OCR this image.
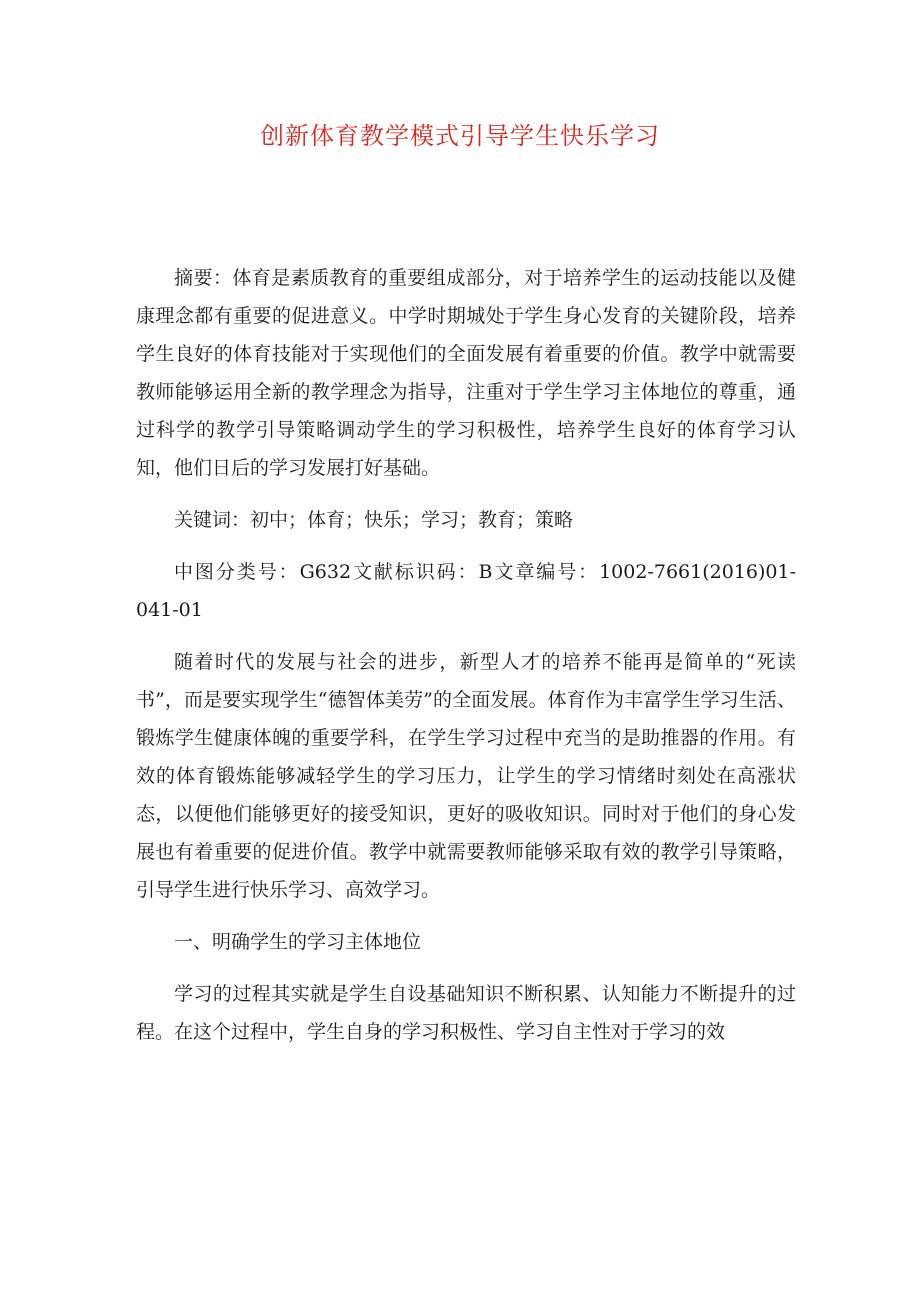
创新体育教学模式引导学生快乐学习

摘要：体育是素质教育的重要组成部分，对于培养学生的运动技能以及健康理念都有重要的促进意义。中学时期城处于学生身心发育的关键阶段，培养学生良好的体育技能对于实现他们的全面发展有着重要的价值。教学中就需要教师能够运用全新的教学理念为指导，注重对于学生学习主体地位的尊重，通过科学的教学引导策略调动学生的学习积极性，培养学生良好的体育学习认知，他们日后的学习发展打好基础。

关键词：初中；体育；快乐；学习；教育；策略

中图分类号：G632文献标识码：B文章编号：1002-7661(2016)01-041-01

随着时代的发展与社会的进步，新型人才的培养不能再是简单的“死读书”，而是要实现学生“德智体美劳”的全面发展。体育作为丰富学生学习生活、锻炼学生健康体魄的重要学科，在学生学习过程中充当的是助推器的作用。有效的体育锻炼能够减轻学生的学习压力，让学生的学习情绪时刻处在高涨状态，以便他们能够更好的接受知识，更好的吸收知识。同时对于他们的身心发展也有着重要的促进价值。教学中就需要教师能够采取有效的教学引导策略，引导学生进行快乐学习、高效学习。

一、明确学生的学习主体地位

学习的过程其实就是学生自设基础知识不断积累、认知能力不断提升的过程。在这个过程中，学生自身的学习积极性、学习自主性对于学习的效
